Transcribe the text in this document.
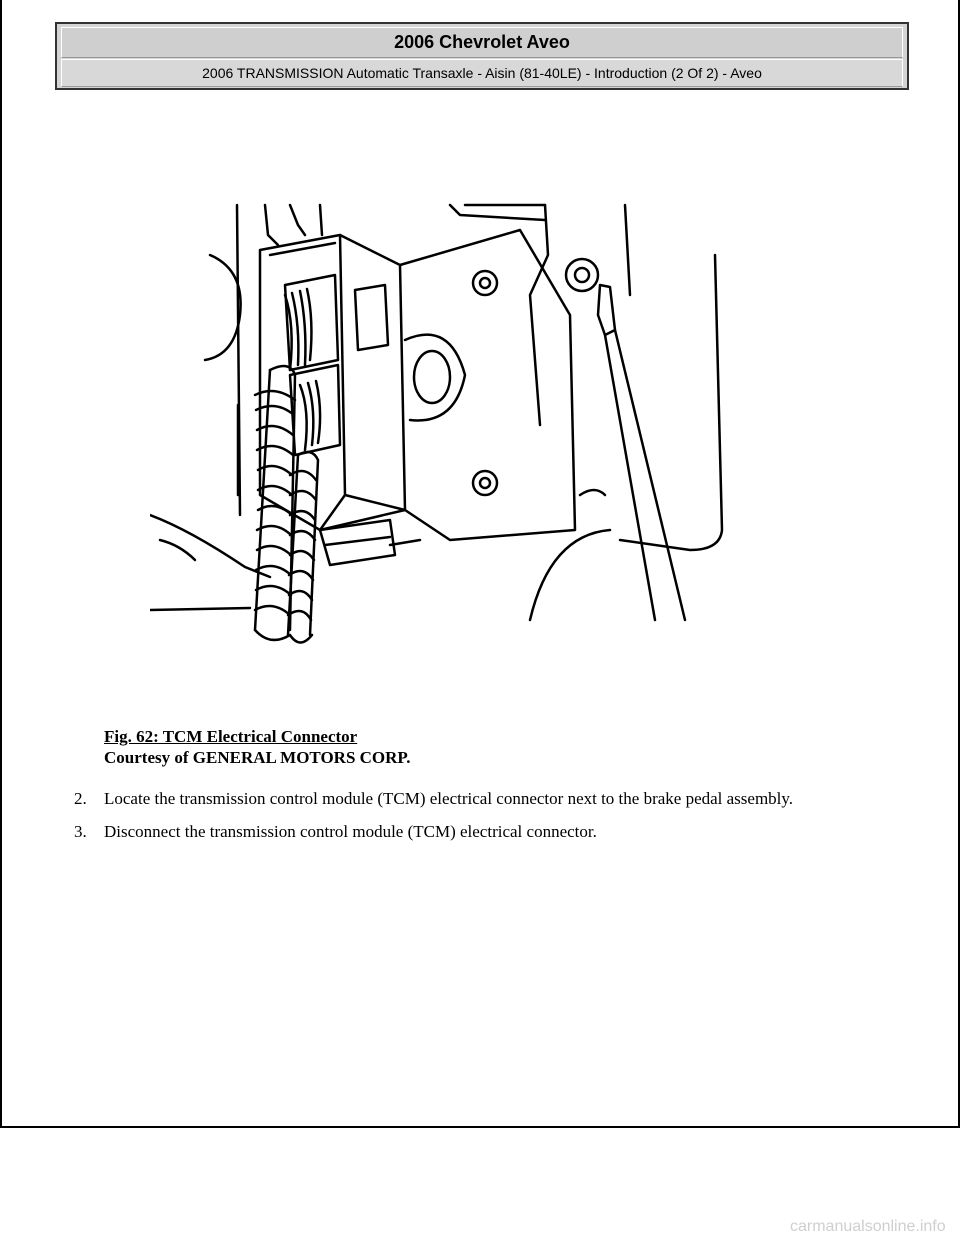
2006 Chevrolet Aveo
2006 TRANSMISSION Automatic Transaxle - Aisin (81-40LE) - Introduction (2 Of 2) - Aveo
Fig. 62: TCM Electrical Connector
Courtesy of GENERAL MOTORS CORP.
2. Locate the transmission control module (TCM) electrical connector next to the brake pedal assembly.
3. Disconnect the transmission control module (TCM) electrical connector.
carmanualsonline.info
